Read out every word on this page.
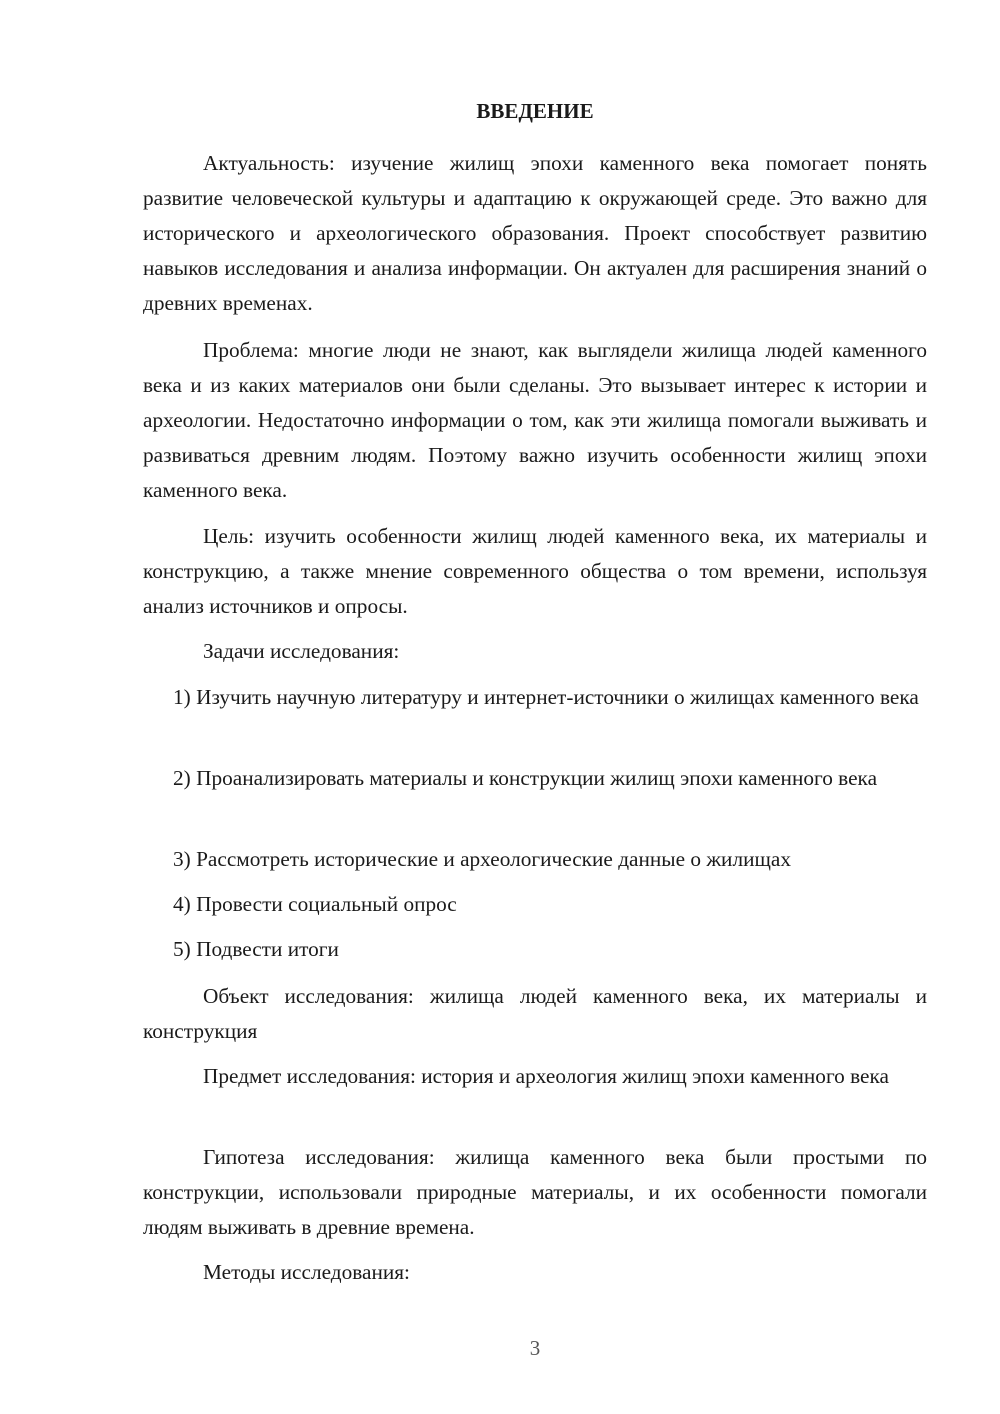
ВВЕДЕНИЕ

Актуальность: изучение жилищ эпохи каменного века помогает понять развитие человеческой культуры и адаптацию к окружающей среде. Это важно для исторического и археологического образования. Проект способствует развитию навыков исследования и анализа информации. Он актуален для расширения знаний о древних временах.

Проблема: многие люди не знают, как выглядели жилища людей каменного века и из каких материалов они были сделаны. Это вызывает интерес к истории и археологии. Недостаточно информации о том, как эти жилища помогали выживать и развиваться древним людям. Поэтому важно изучить особенности жилищ эпохи каменного века.

Цель: изучить особенности жилищ людей каменного века, их материалы и конструкцию, а также мнение современного общества о том времени, используя анализ источников и опросы.

Задачи исследования:

1) Изучить научную литературу и интернет-источники о жилищах каменного века

2) Проанализировать материалы и конструкции жилищ эпохи каменного века

3) Рассмотреть исторические и археологические данные о жилищах

4) Провести социальный опрос

5) Подвести итоги

Объект исследования: жилища людей каменного века, их материалы и конструкция

Предмет исследования: история и археология жилищ эпохи каменного века

Гипотеза исследования: жилища каменного века были простыми по конструкции, использовали природные материалы, и их особенности помогали людям выживать в древние времена.

Методы исследования:

3
